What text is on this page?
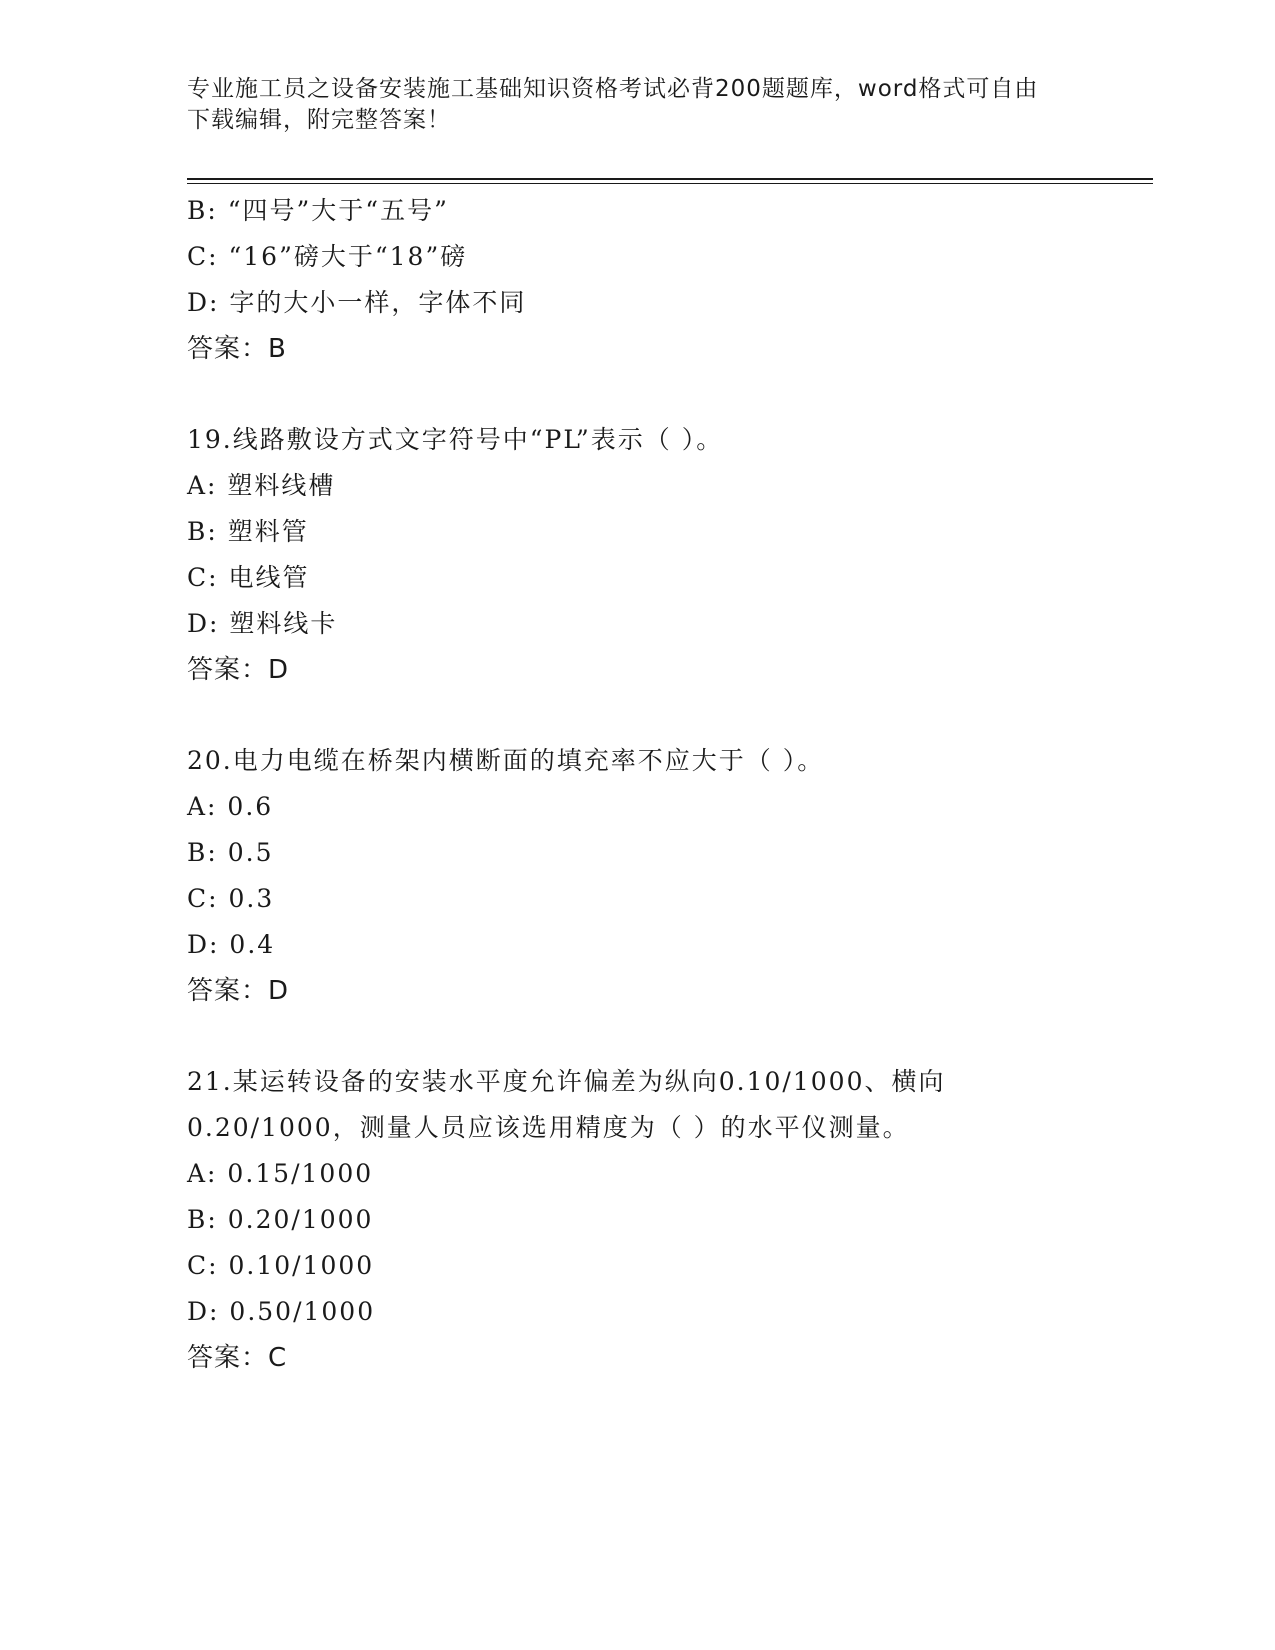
专业施工员之设备安装施工基础知识资格考试必背200题题库，word格式可自由
下载编辑，附完整答案！
B: “四号”大于“五号”
C: “16”磅大于“18”磅
D: 字的大小一样，字体不同
答案：B
19.线路敷设方式文字符号中“PL”表示（ ）。
A: 塑料线槽
B: 塑料管
C: 电线管
D: 塑料线卡
答案：D
20.电力电缆在桥架内横断面的填充率不应大于（ ）。
A: 0.6
B: 0.5
C: 0.3
D: 0.4
答案：D
21.某运转设备的安装水平度允许偏差为纵向0.10/1000、横向
0.20/1000，测量人员应该选用精度为（ ）的水平仪测量。
A: 0.15/1000
B: 0.20/1000
C: 0.10/1000
D: 0.50/1000
答案：C
